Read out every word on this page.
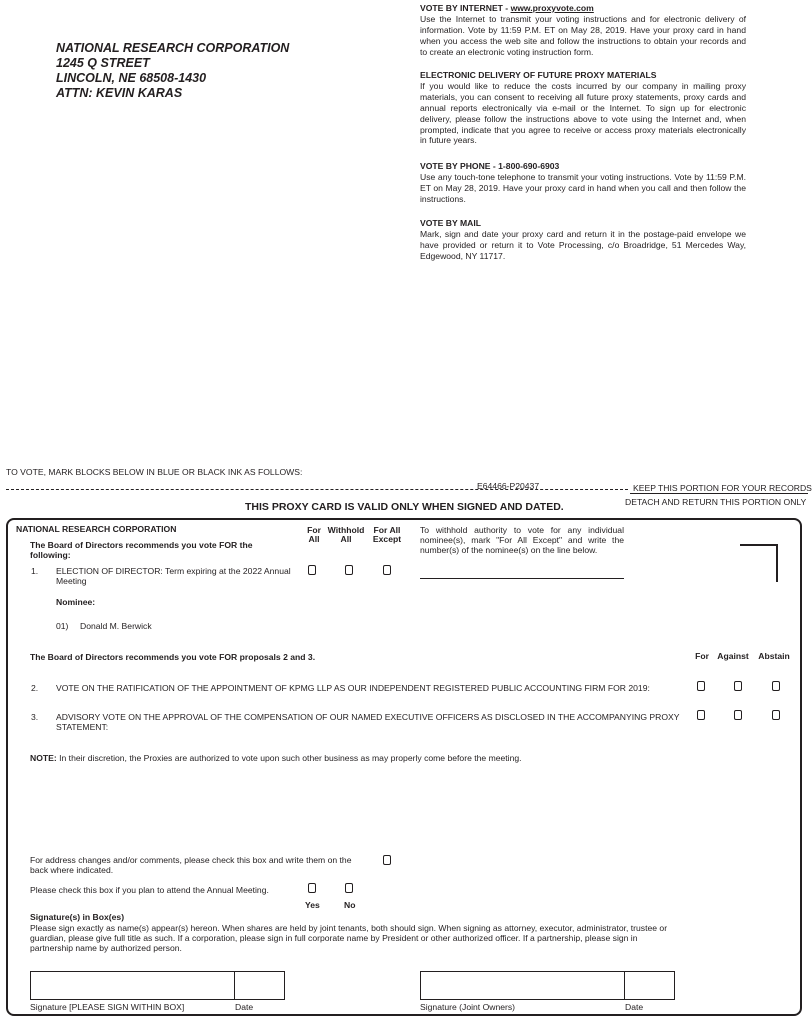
NATIONAL RESEARCH CORPORATION
1245 Q STREET
LINCOLN, NE 68508-1430
ATTN: KEVIN KARAS
VOTE BY INTERNET - www.proxyvote.com
Use the Internet to transmit your voting instructions and for electronic delivery of information. Vote by 11:59 P.M. ET on May 28, 2019. Have your proxy card in hand when you access the web site and follow the instructions to obtain your records and to create an electronic voting instruction form.
ELECTRONIC DELIVERY OF FUTURE PROXY MATERIALS
If you would like to reduce the costs incurred by our company in mailing proxy materials, you can consent to receiving all future proxy statements, proxy cards and annual reports electronically via e-mail or the Internet. To sign up for electronic delivery, please follow the instructions above to vote using the Internet and, when prompted, indicate that you agree to receive or access proxy materials electronically in future years.
VOTE BY PHONE - 1-800-690-6903
Use any touch-tone telephone to transmit your voting instructions. Vote by 11:59 P.M. ET on May 28, 2019. Have your proxy card in hand when you call and then follow the instructions.
VOTE BY MAIL
Mark, sign and date your proxy card and return it in the postage-paid envelope we have provided or return it to Vote Processing, c/o Broadridge, 51 Mercedes Way, Edgewood, NY 11717.
TO VOTE, MARK BLOCKS BELOW IN BLUE OR BLACK INK AS FOLLOWS:
E64466-P20437	KEEP THIS PORTION FOR YOUR RECORDS
DETACH AND RETURN THIS PORTION ONLY
THIS PROXY CARD IS VALID ONLY WHEN SIGNED AND DATED.
NATIONAL RESEARCH CORPORATION
The Board of Directors recommends you vote FOR the following:
For All
Withhold All
For All Except
To withhold authority to vote for any individual nominee(s), mark "For All Except" and write the number(s) of the nominee(s) on the line below.
1. ELECTION OF DIRECTOR: Term expiring at the 2022 Annual Meeting
Nominee:
01) Donald M. Berwick
The Board of Directors recommends you vote FOR proposals 2 and 3.	For Against	Abstain
2. VOTE ON THE RATIFICATION OF THE APPOINTMENT OF KPMG LLP AS OUR INDEPENDENT REGISTERED PUBLIC ACCOUNTING FIRM FOR 2019:
3. ADVISORY VOTE ON THE APPROVAL OF THE COMPENSATION OF OUR NAMED EXECUTIVE OFFICERS AS DISCLOSED IN THE ACCOMPANYING PROXY STATEMENT:
NOTE: In their discretion, the Proxies are authorized to vote upon such other business as may properly come before the meeting.
For address changes and/or comments, please check this box and write them on the back where indicated.
Please check this box if you plan to attend the Annual Meeting.
Yes	No
Signature(s) in Box(es)
Please sign exactly as name(s) appear(s) hereon. When shares are held by joint tenants, both should sign. When signing as attorney, executor, administrator, trustee or guardian, please give full title as such. If a corporation, please sign in full corporate name by President or other authorized officer. If a partnership, please sign in partnership name by authorized person.
Signature [PLEASE SIGN WITHIN BOX]	Date	Signature (Joint Owners)	Date
